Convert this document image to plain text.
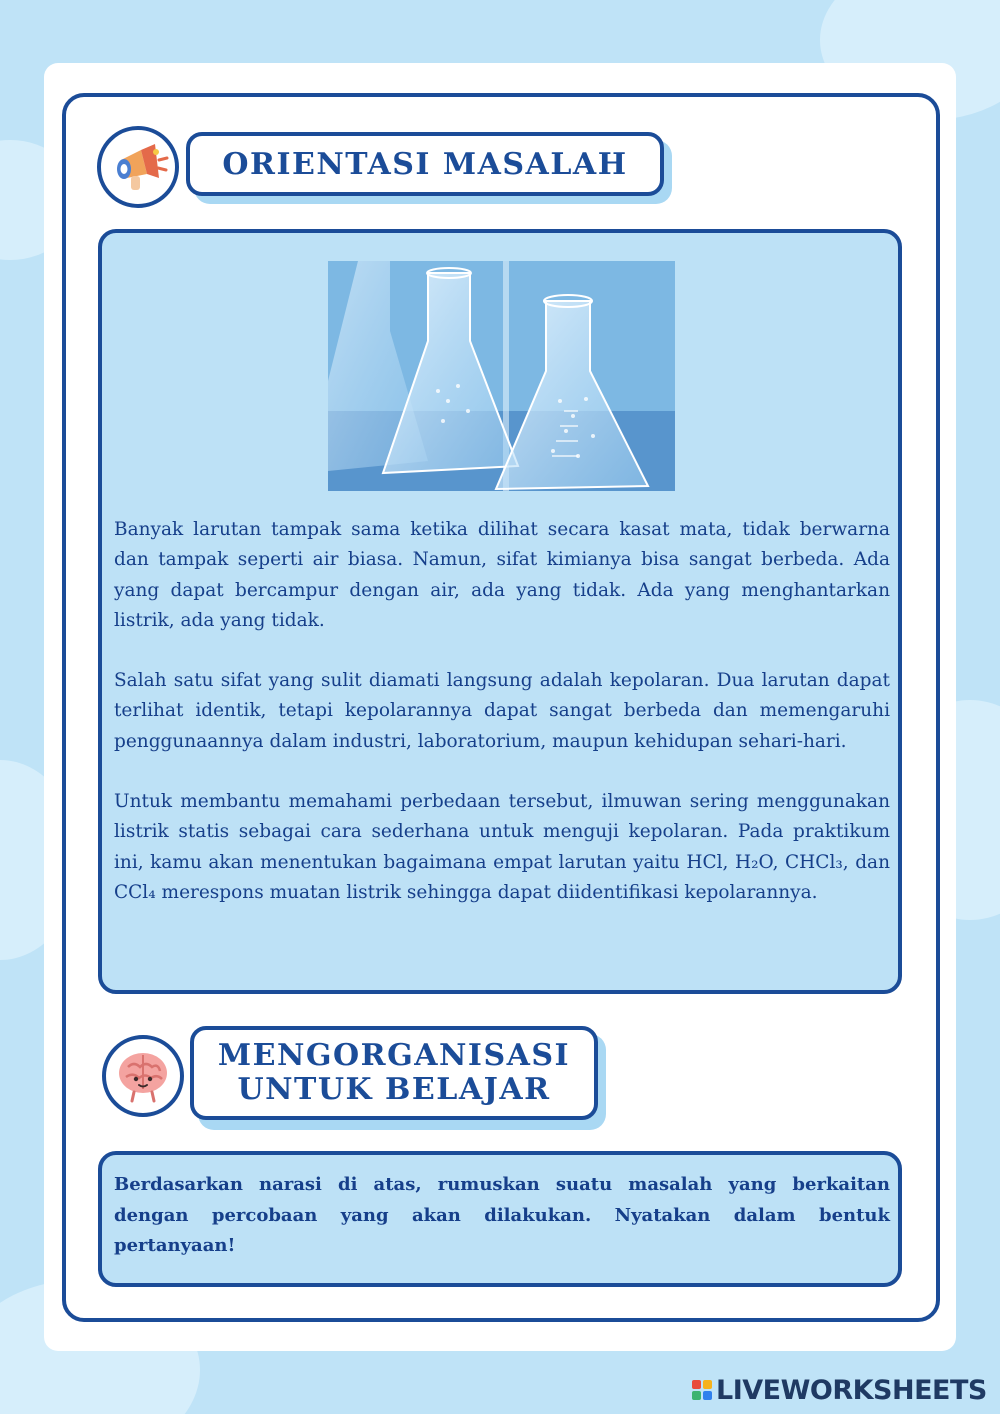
ORIENTASI MASALAH

Banyak larutan tampak sama ketika dilihat secara kasat mata, tidak berwarna dan tampak seperti air biasa. Namun, sifat kimianya bisa sangat berbeda. Ada yang dapat bercampur dengan air, ada yang tidak. Ada yang menghantarkan listrik, ada yang tidak.

Salah satu sifat yang sulit diamati langsung adalah kepolaran. Dua larutan dapat terlihat identik, tetapi kepolarannya dapat sangat berbeda dan memengaruhi penggunaannya dalam industri, laboratorium, maupun kehidupan sehari-hari.

Untuk membantu memahami perbedaan tersebut, ilmuwan sering menggunakan listrik statis sebagai cara sederhana untuk menguji kepolaran. Pada praktikum ini, kamu akan menentukan bagaimana empat larutan yaitu HCl, H₂O, CHCl₃, dan CCl₄ merespons muatan listrik sehingga dapat diidentifikasi kepolarannya.

MENGORGANISASI
UNTUK BELAJAR

Berdasarkan narasi di atas, rumuskan suatu masalah yang berkaitan dengan percobaan yang akan dilakukan. Nyatakan dalam bentuk pertanyaan!

LIVEWORKSHEETS
